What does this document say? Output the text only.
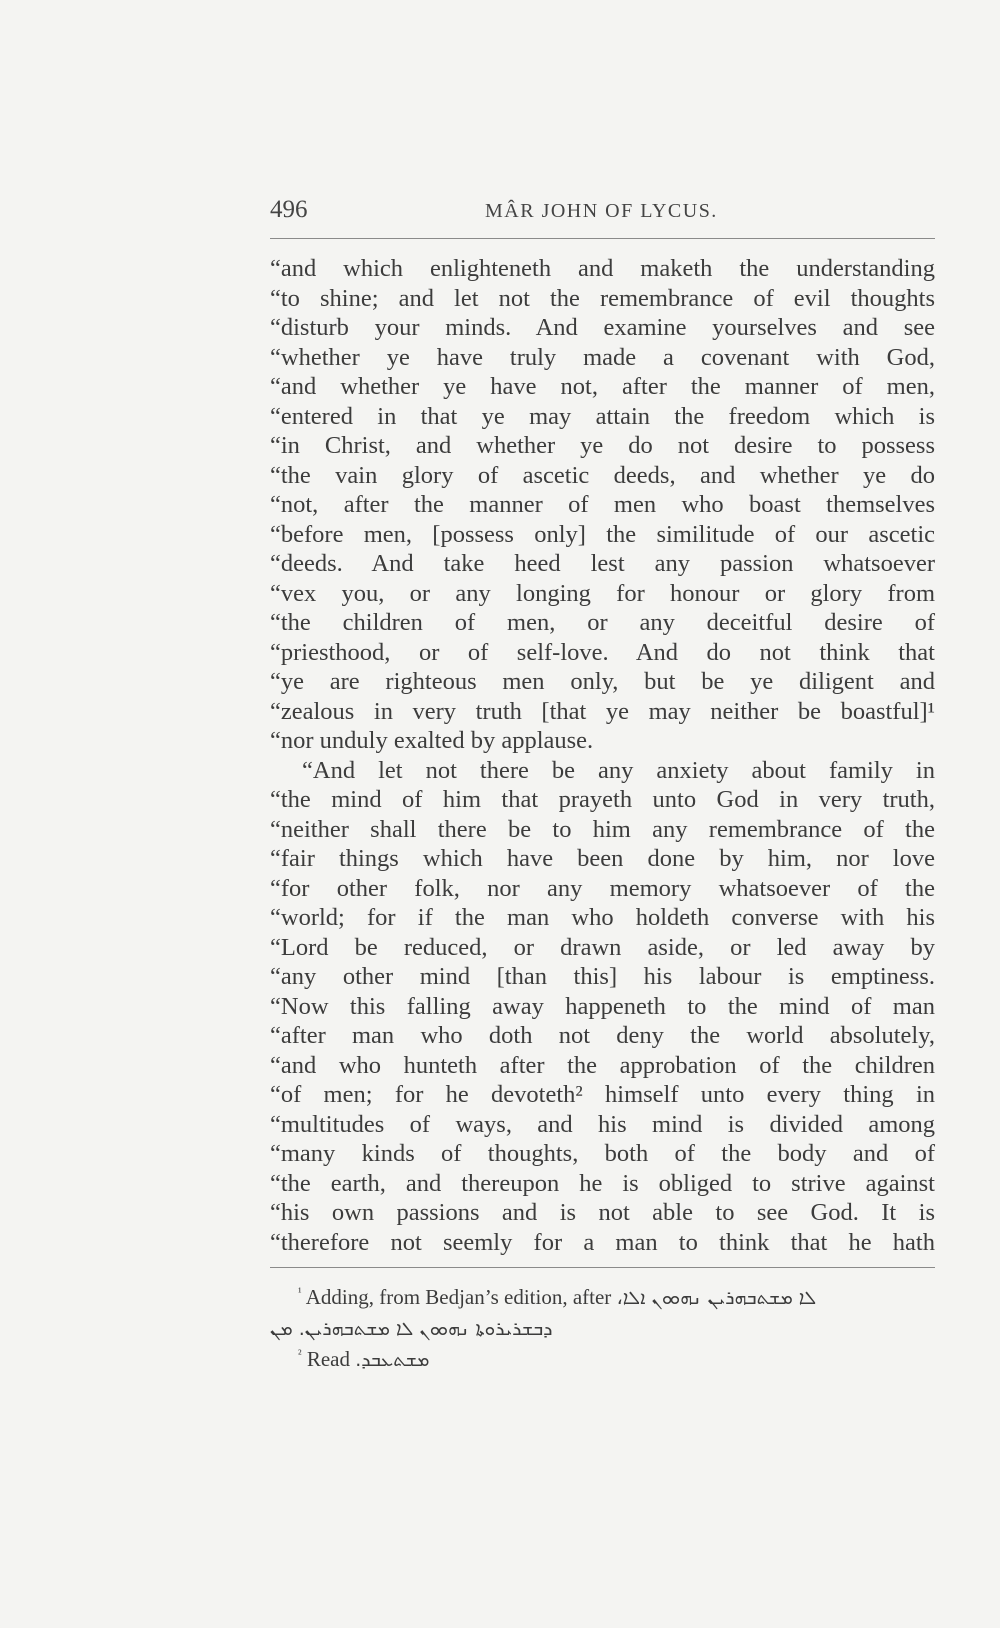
496	MÂR JOHN OF LYCUS.
“and which enlighteneth and maketh the understanding
“to shine; and let not the remembrance of evil thoughts
“disturb your minds. And examine yourselves and see
“whether ye have truly made a covenant with God,
“and whether ye have not, after the manner of men,
“entered in that ye may attain the freedom which is
“in Christ, and whether ye do not desire to possess
“the vain glory of ascetic deeds, and whether ye do
“not, after the manner of men who boast themselves
“before men, [possess only] the similitude of our ascetic
“deeds. And take heed lest any passion whatsoever
“vex you, or any longing for honour or glory from
“the children of men, or any deceitful desire of
“priesthood, or of self-love. And do not think that
“ye are righteous men only, but be ye diligent and
“zealous in very truth [that ye may neither be boastful]¹
“nor unduly exalted by applause.
“And let not there be any anxiety about family in
“the mind of him that prayeth unto God in very truth,
“neither shall there be to him any remembrance of the
“fair things which have been done by him, nor love
“for other folk, nor any memory whatsoever of the
“world; for if the man who holdeth converse with his
“Lord be reduced, or drawn aside, or led away by
“any other mind [than this] his labour is emptiness.
“Now this falling away happeneth to the mind of man
“after man who doth not deny the world absolutely,
“and who hunteth after the approbation of the children
“of men; for he devoteth² himself unto every thing in
“multitudes of ways, and his mind is divided among
“many kinds of thoughts, both of the body and of
“the earth, and thereupon he is obliged to strive against
“his own passions and is not able to see God. It is
“therefore not seemly for a man to think that he hath
$^{^1}$ Adding, from Bedjan’s edition, after ܠܐ ܡܫܬܒܗܪܝܢ ܢܗܘܘܢ ܐܠܐ،
ܕܒܫܪܝܪܘܬܐ ܢܗܘܘܢ ܠܐ ܡܫܬܒܗܪܝܢ. ܡܢ
$^{^2}$ Read ܡܫܬܥܒܕ.
